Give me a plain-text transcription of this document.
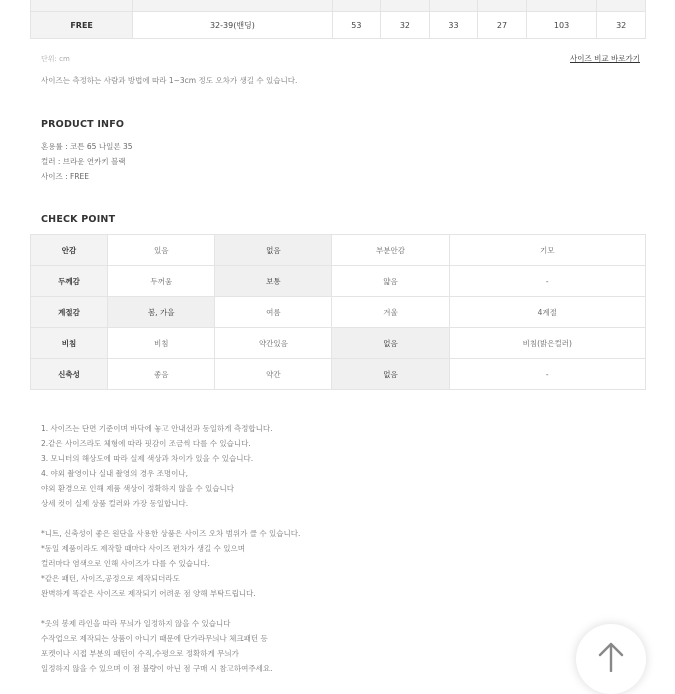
FREE	32-39(밴딩)	53	32	33	27	103	32
단위: cm	사이즈 비교 바로가기
사이즈는 측정하는 사람과 방법에 따라 1~3cm 정도 오차가 생길 수 있습니다.
PRODUCT INFO
혼용률 : 코튼 65 나일론 35
컬러 : 브라운 연카키 블랙
사이즈 : FREE
CHECK POINT
안감	있음	없음	부분안감	기모
두께감	두꺼움	보통	얇음	-
계절감	봄, 가을	여름	겨울	4계절
비침	비침	약간있음	없음	비침(밝은컬러)
신축성	좋음	약간	없음	-
1. 사이즈는 단면 기준이며 바닥에 놓고 안내선과 동일하게 측정합니다.
2.같은 사이즈라도 체형에 따라 핏감이 조금씩 다를 수 있습니다.
3. 모니터의 해상도에 따라 실제 색상과 차이가 있을 수 있습니다.
4. 야외 촬영이나 실내 촬영의 경우 조명이나,
야외 환경으로 인해 제품 색상이 정확하지 않을 수 있습니다
상세 컷이 실제 상품 컬러와 가장 동일합니다.
*니트, 신축성이 좋은 원단을 사용한 상품은 사이즈 오차 범위가 클 수 있습니다.
*동일 제품이라도 제작할 때마다 사이즈 편차가 생길 수 있으며
컬러마다 염색으로 인해 사이즈가 다를 수 있습니다.
*같은 패턴, 사이즈,공정으로 제작되더라도
완벽하게 똑같은 사이즈로 제작되기 어려운 점 양해 부탁드립니다.
*옷의 봉제 라인을 따라 무늬가 일정하지 않을 수 있습니다
수작업으로 제작되는 상품이 아니기 때문에 단가라무늬나 체크패턴 등
포켓이나 시접 부분의 패턴이 수직,수평으로 정확하게 무늬가
일정하지 않을 수 있으며 이 점 불량이 아닌 점 구매 시 참고하여주세요.
